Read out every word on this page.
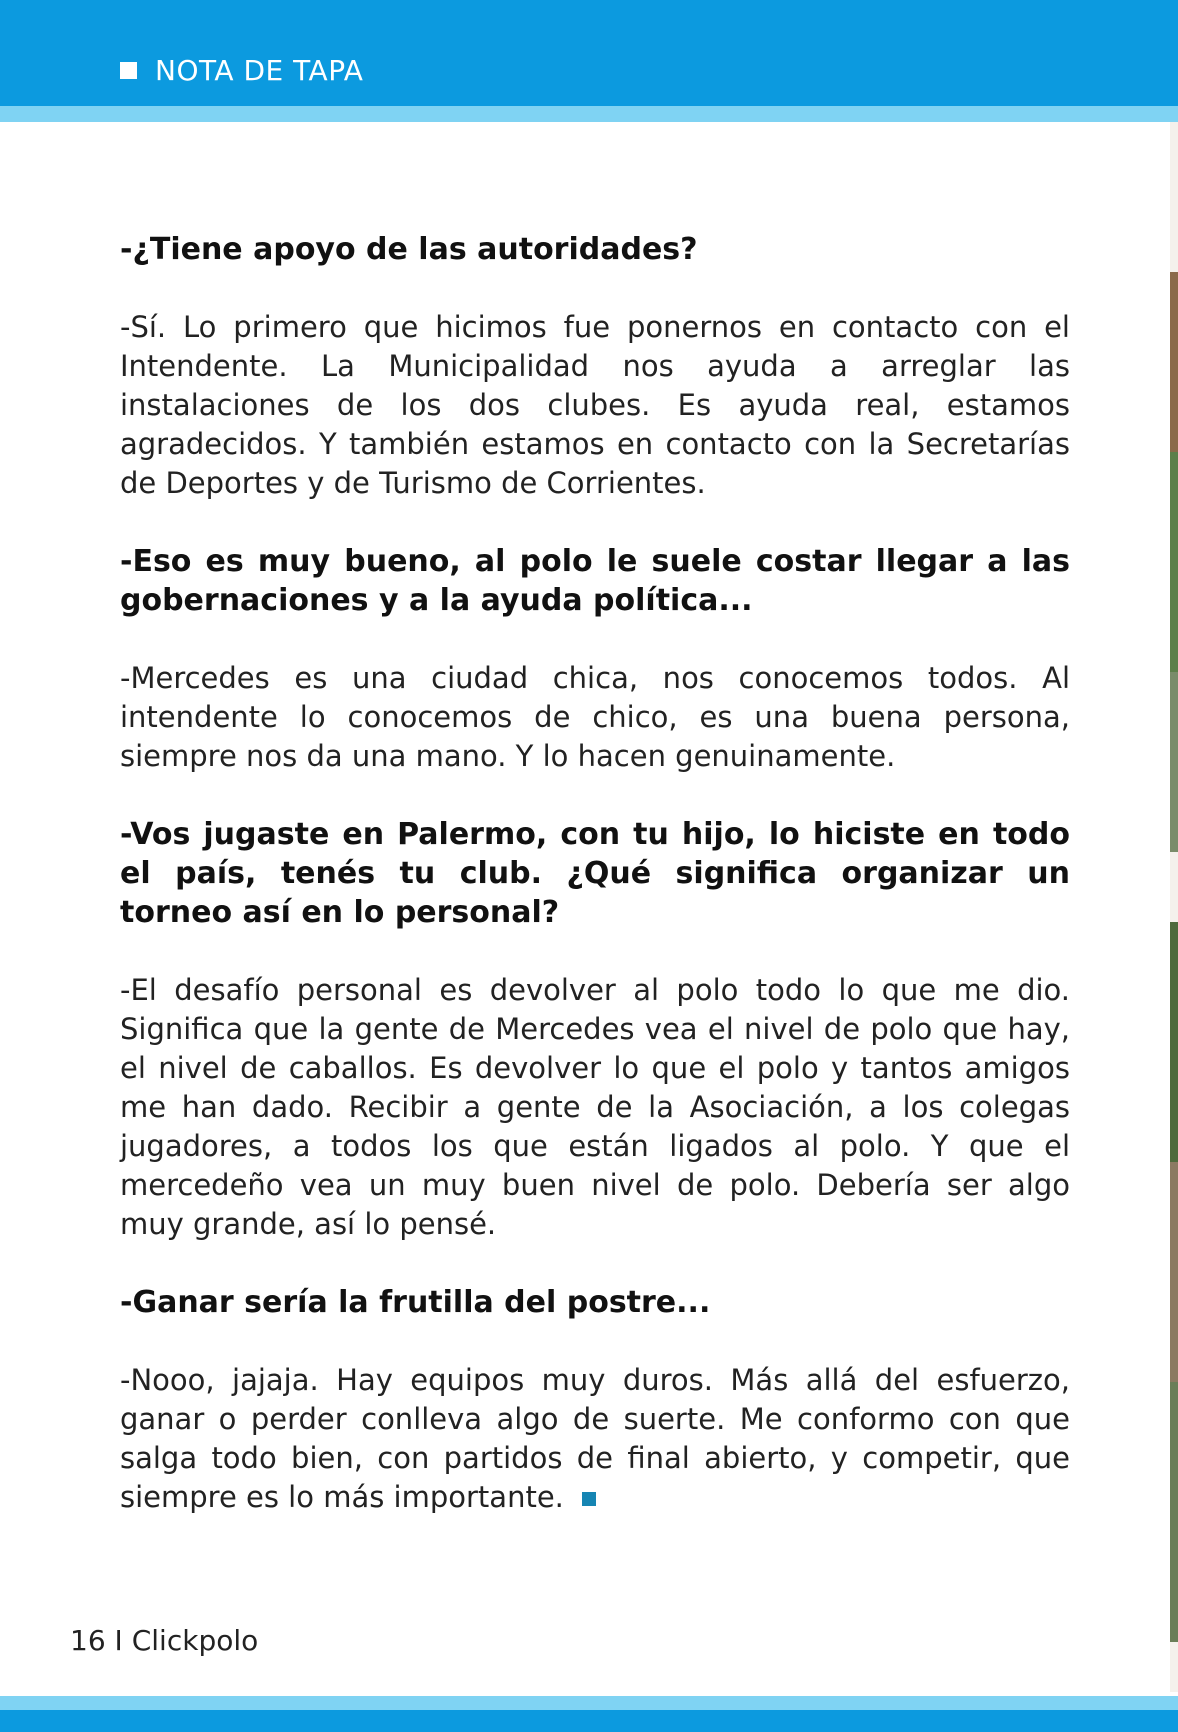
NOTA DE TAPA

-¿Tiene apoyo de las autoridades?

-Sí. Lo primero que hicimos fue ponernos en contacto con el Intendente. La Municipalidad nos ayuda a arreglar las instalaciones de los dos clubes. Es ayuda real, estamos agradecidos. Y también estamos en contacto con la Secretarías de Deportes y de Turismo de Corrientes.

-Eso es muy bueno, al polo le suele costar llegar a las gobernaciones y a la ayuda política...

-Mercedes es una ciudad chica, nos conocemos todos. Al intendente lo conocemos de chico, es una buena persona, siempre nos da una mano. Y lo hacen genuinamente.

-Vos jugaste en Palermo, con tu hijo, lo hiciste en todo el país, tenés tu club. ¿Qué significa organizar un torneo así en lo personal?

-El desafío personal es devolver al polo todo lo que me dio. Significa que la gente de Mercedes vea el nivel de polo que hay, el nivel de caballos. Es devolver lo que el polo y tantos amigos me han dado. Recibir a gente de la Asociación, a los colegas jugadores, a todos los que están ligados al polo. Y que el mercedeño vea un muy buen nivel de polo. Debería ser algo muy grande, así lo pensé.

-Ganar sería la frutilla del postre...

-Nooo, jajaja. Hay equipos muy duros. Más allá del esfuerzo, ganar o perder conlleva algo de suerte. Me conformo con que salga todo bien, con partidos de final abierto, y competir, que siempre es lo más importante.

16 I Clickpolo
